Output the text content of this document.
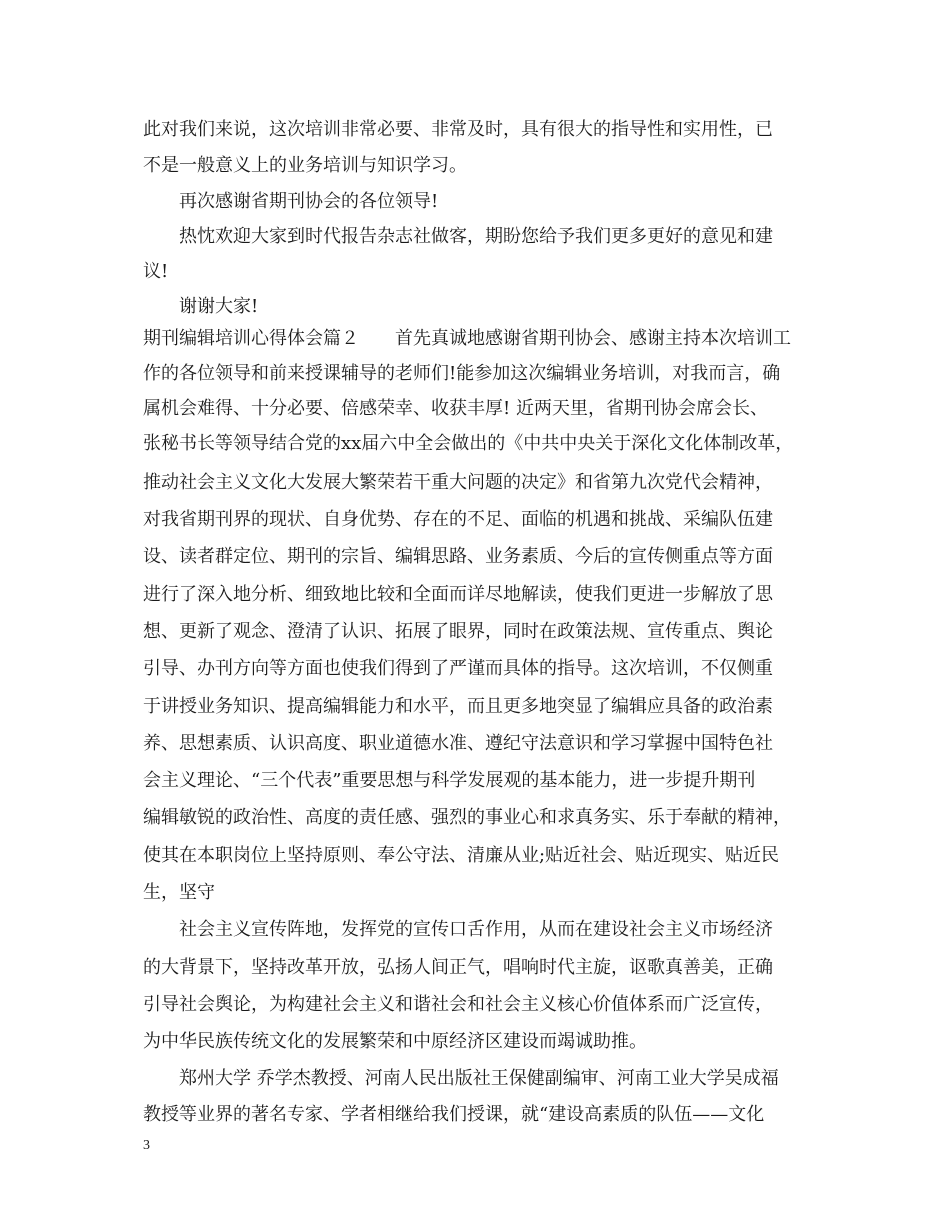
此对我们来说，这次培训非常必要、非常及时，具有很大的指导性和实用性，已
不是一般意义上的业务培训与知识学习。
再次感谢省期刊协会的各位领导!
热忱欢迎大家到时代报告杂志社做客，期盼您给予我们更多更好的意见和建
议!
谢谢大家!
期刊编辑培训心得体会篇２　　首先真诚地感谢省期刊协会、感谢主持本次培训工
作的各位领导和前来授课辅导的老师们!能参加这次编辑业务培训，对我而言，确
属机会难得、十分必要、倍感荣幸、收获丰厚! 近两天里，省期刊协会席会长、
张秘书长等领导结合党的xx届六中全会做出的《中共中央关于深化文化体制改革，
推动社会主义文化大发展大繁荣若干重大问题的决定》和省第九次党代会精神，
对我省期刊界的现状、自身优势、存在的不足、面临的机遇和挑战、采编队伍建
设、读者群定位、期刊的宗旨、编辑思路、业务素质、今后的宣传侧重点等方面
进行了深入地分析、细致地比较和全面而详尽地解读，使我们更进一步解放了思
想、更新了观念、澄清了认识、拓展了眼界，同时在政策法规、宣传重点、舆论
引导、办刊方向等方面也使我们得到了严谨而具体的指导。这次培训，不仅侧重
于讲授业务知识、提高编辑能力和水平，而且更多地突显了编辑应具备的政治素
养、思想素质、认识高度、职业道德水准、遵纪守法意识和学习掌握中国特色社
会主义理论、“三个代表”重要思想与科学发展观的基本能力，进一步提升期刊
编辑敏锐的政治性、高度的责任感、强烈的事业心和求真务实、乐于奉献的精神，
使其在本职岗位上坚持原则、奉公守法、清廉从业;贴近社会、贴近现实、贴近民
生，坚守
社会主义宣传阵地，发挥党的宣传口舌作用，从而在建设社会主义市场经济
的大背景下，坚持改革开放，弘扬人间正气，唱响时代主旋，讴歌真善美，正确
引导社会舆论，为构建社会主义和谐社会和社会主义核心价值体系而广泛宣传，
为中华民族传统文化的发展繁荣和中原经济区建设而竭诚助推。
郑州大学 乔学杰教授、河南人民出版社王保健副编审、河南工业大学吴成福
教授等业界的著名专家、学者相继给我们授课，就“建设高素质的队伍——文化
3
